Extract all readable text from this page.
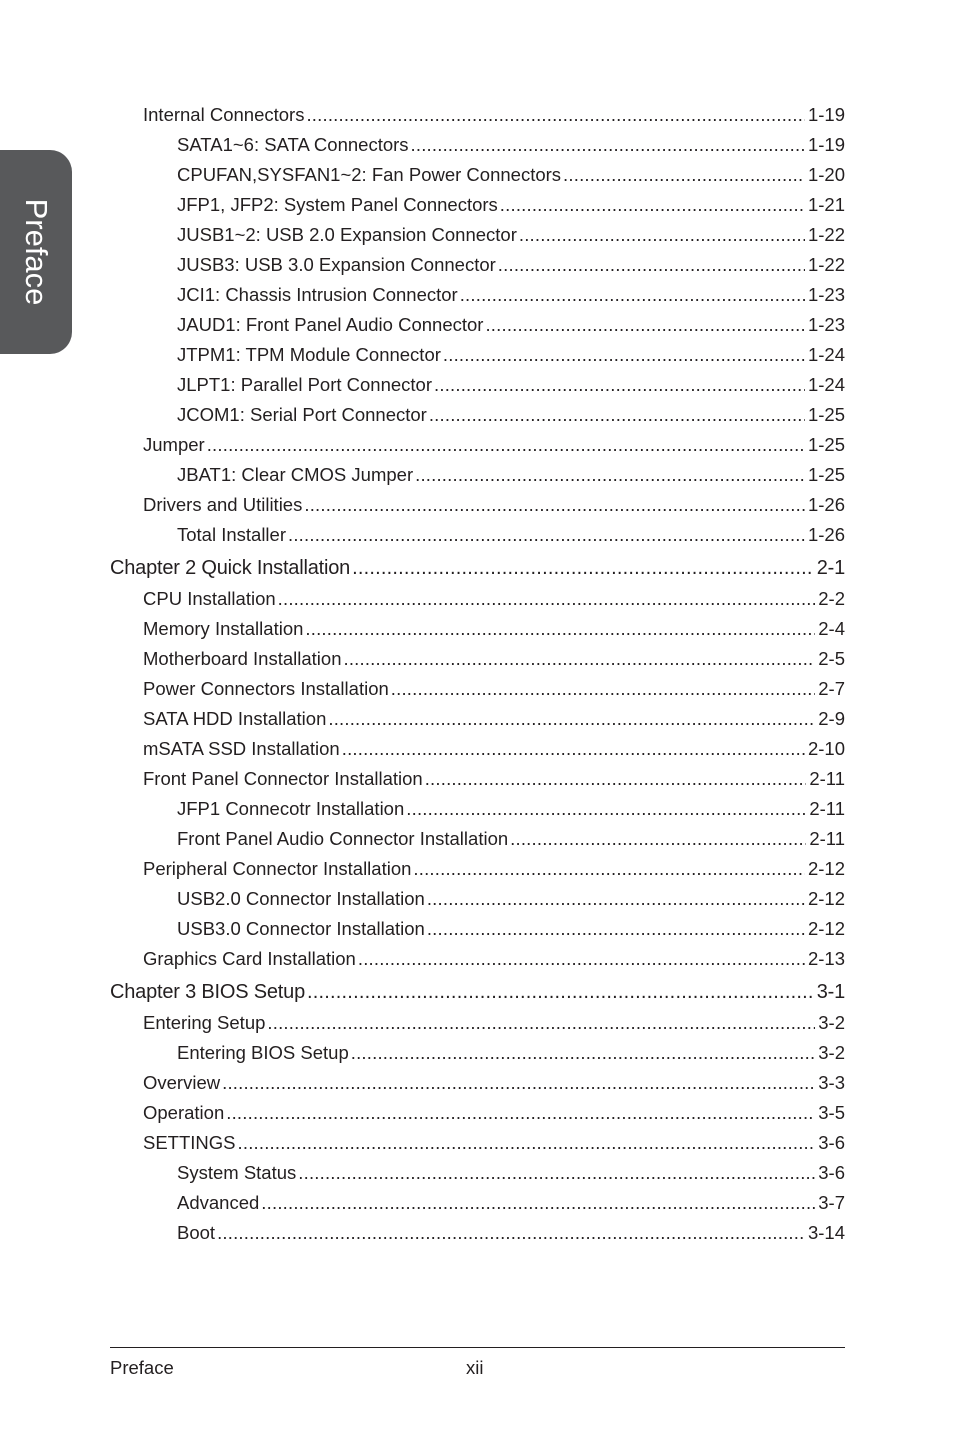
Preface
Internal Connectors .....	1-19
SATA1~6: SATA Connectors .....	1-19
CPUFAN,SYSFAN1~2: Fan Power Connectors .....	1-20
JFP1, JFP2: System Panel Connectors .....	1-21
JUSB1~2: USB 2.0 Expansion Connector .....	1-22
JUSB3: USB 3.0 Expansion Connector .....	1-22
JCI1: Chassis Intrusion Connector .....	1-23
JAUD1: Front Panel Audio Connector .....	1-23
JTPM1: TPM Module Connector .....	1-24
JLPT1: Parallel Port Connector .....	1-24
JCOM1: Serial Port Connector .....	1-25
Jumper .....	1-25
JBAT1: Clear CMOS Jumper .....	1-25
Drivers and Utilities .....	1-26
Total Installer .....	1-26
Chapter 2 Quick Installation .....	2-1
CPU Installation .....	2-2
Memory Installation .....	2-4
Motherboard Installation .....	2-5
Power Connectors Installation .....	2-7
SATA HDD Installation .....	2-9
mSATA SSD Installation .....	2-10
Front Panel Connector Installation .....	2-11
JFP1 Connecotr Installation .....	2-11
Front Panel Audio Connector Installation .....	2-11
Peripheral Connector Installation .....	2-12
USB2.0 Connector Installation .....	2-12
USB3.0 Connector Installation .....	2-12
Graphics Card Installation .....	2-13
Chapter 3 BIOS Setup .....	3-1
Entering Setup .....	3-2
Entering BIOS Setup .....	3-2
Overview .....	3-3
Operation .....	3-5
SETTINGS .....	3-6
System Status .....	3-6
Advanced .....	3-7
Boot .....	3-14
Preface	xii
